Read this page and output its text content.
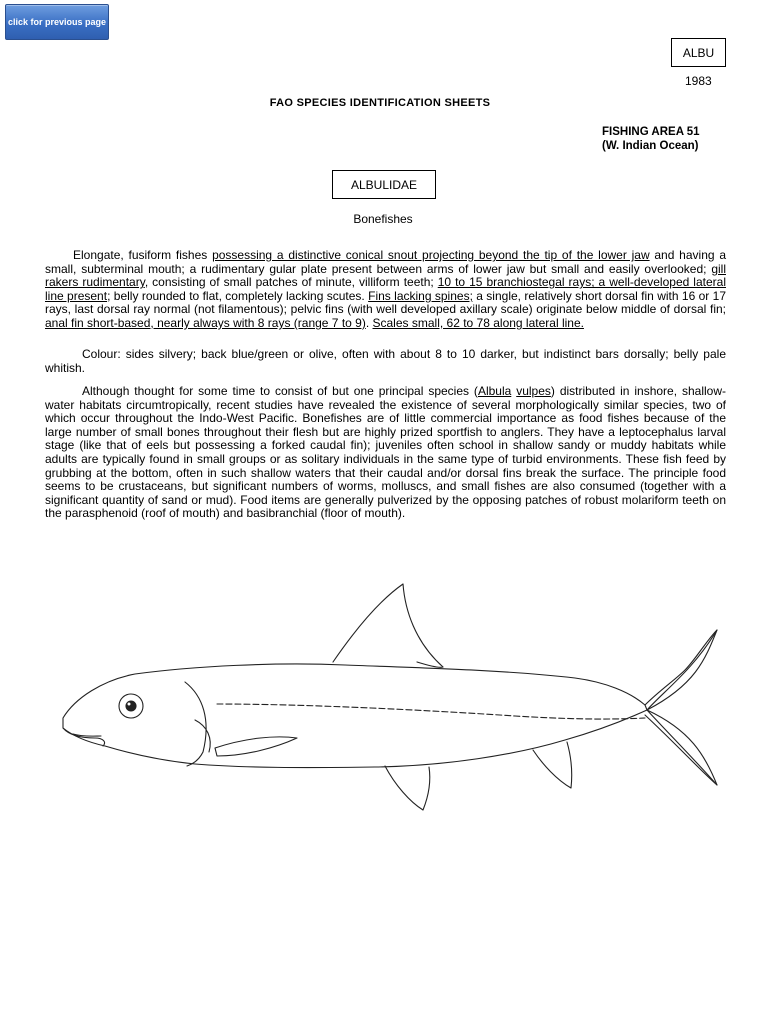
click for previous page
ALBU
1983
FAO SPECIES IDENTIFICATION SHEETS
FISHING AREA 51
(W. Indian Ocean)
ALBULIDAE
Bonefishes

Elongate, fusiform fishes possessing a distinctive conical snout projecting beyond the tip of the lower jaw and having a small, subterminal mouth; a rudimentary gular plate present between arms of lower jaw but small and easily overlooked; gill rakers rudimentary, consisting of small patches of minute, villiform teeth; 10 to 15 branchiostegal rays; a well-developed lateral line present; belly rounded to flat, completely lacking scutes. Fins lacking spines; a single, relatively short dorsal fin with 16 or 17 rays, last dorsal ray normal (not filamentous); pelvic fins (with well developed axillary scale) originate below middle of dorsal fin; anal fin short-based, nearly always with 8 rays (range 7 to 9). Scales small, 62 to 78 along lateral line.

Colour: sides silvery; back blue/green or olive, often with about 8 to 10 darker, but indistinct bars dorsally; belly pale whitish.

Although thought for some time to consist of but one principal species (Albula vulpes) distributed in inshore, shallow-water habitats circumtropically, recent studies have revealed the existence of several morphologically similar species, two of which occur throughout the Indo-West Pacific. Bonefishes are of little commercial importance as food fishes because of the large number of small bones throughout their flesh but are highly prized sportfish to anglers. They have a leptocephalus larval stage (like that of eels but possessing a forked caudal fin); juveniles often school in shallow sandy or muddy habitats while adults are typically found in small groups or as solitary individuals in the same type of turbid environments. These fish feed by grubbing at the bottom, often in such shallow waters that their caudal and/or dorsal fins break the surface. The principle food seems to be crustaceans, but significant numbers of worms, molluscs, and small fishes are also consumed (together with a significant quantity of sand or mud). Food items are generally pulverized by the opposing patches of robust molariform teeth on the parasphenoid (roof of mouth) and basibranchial (floor of mouth).
